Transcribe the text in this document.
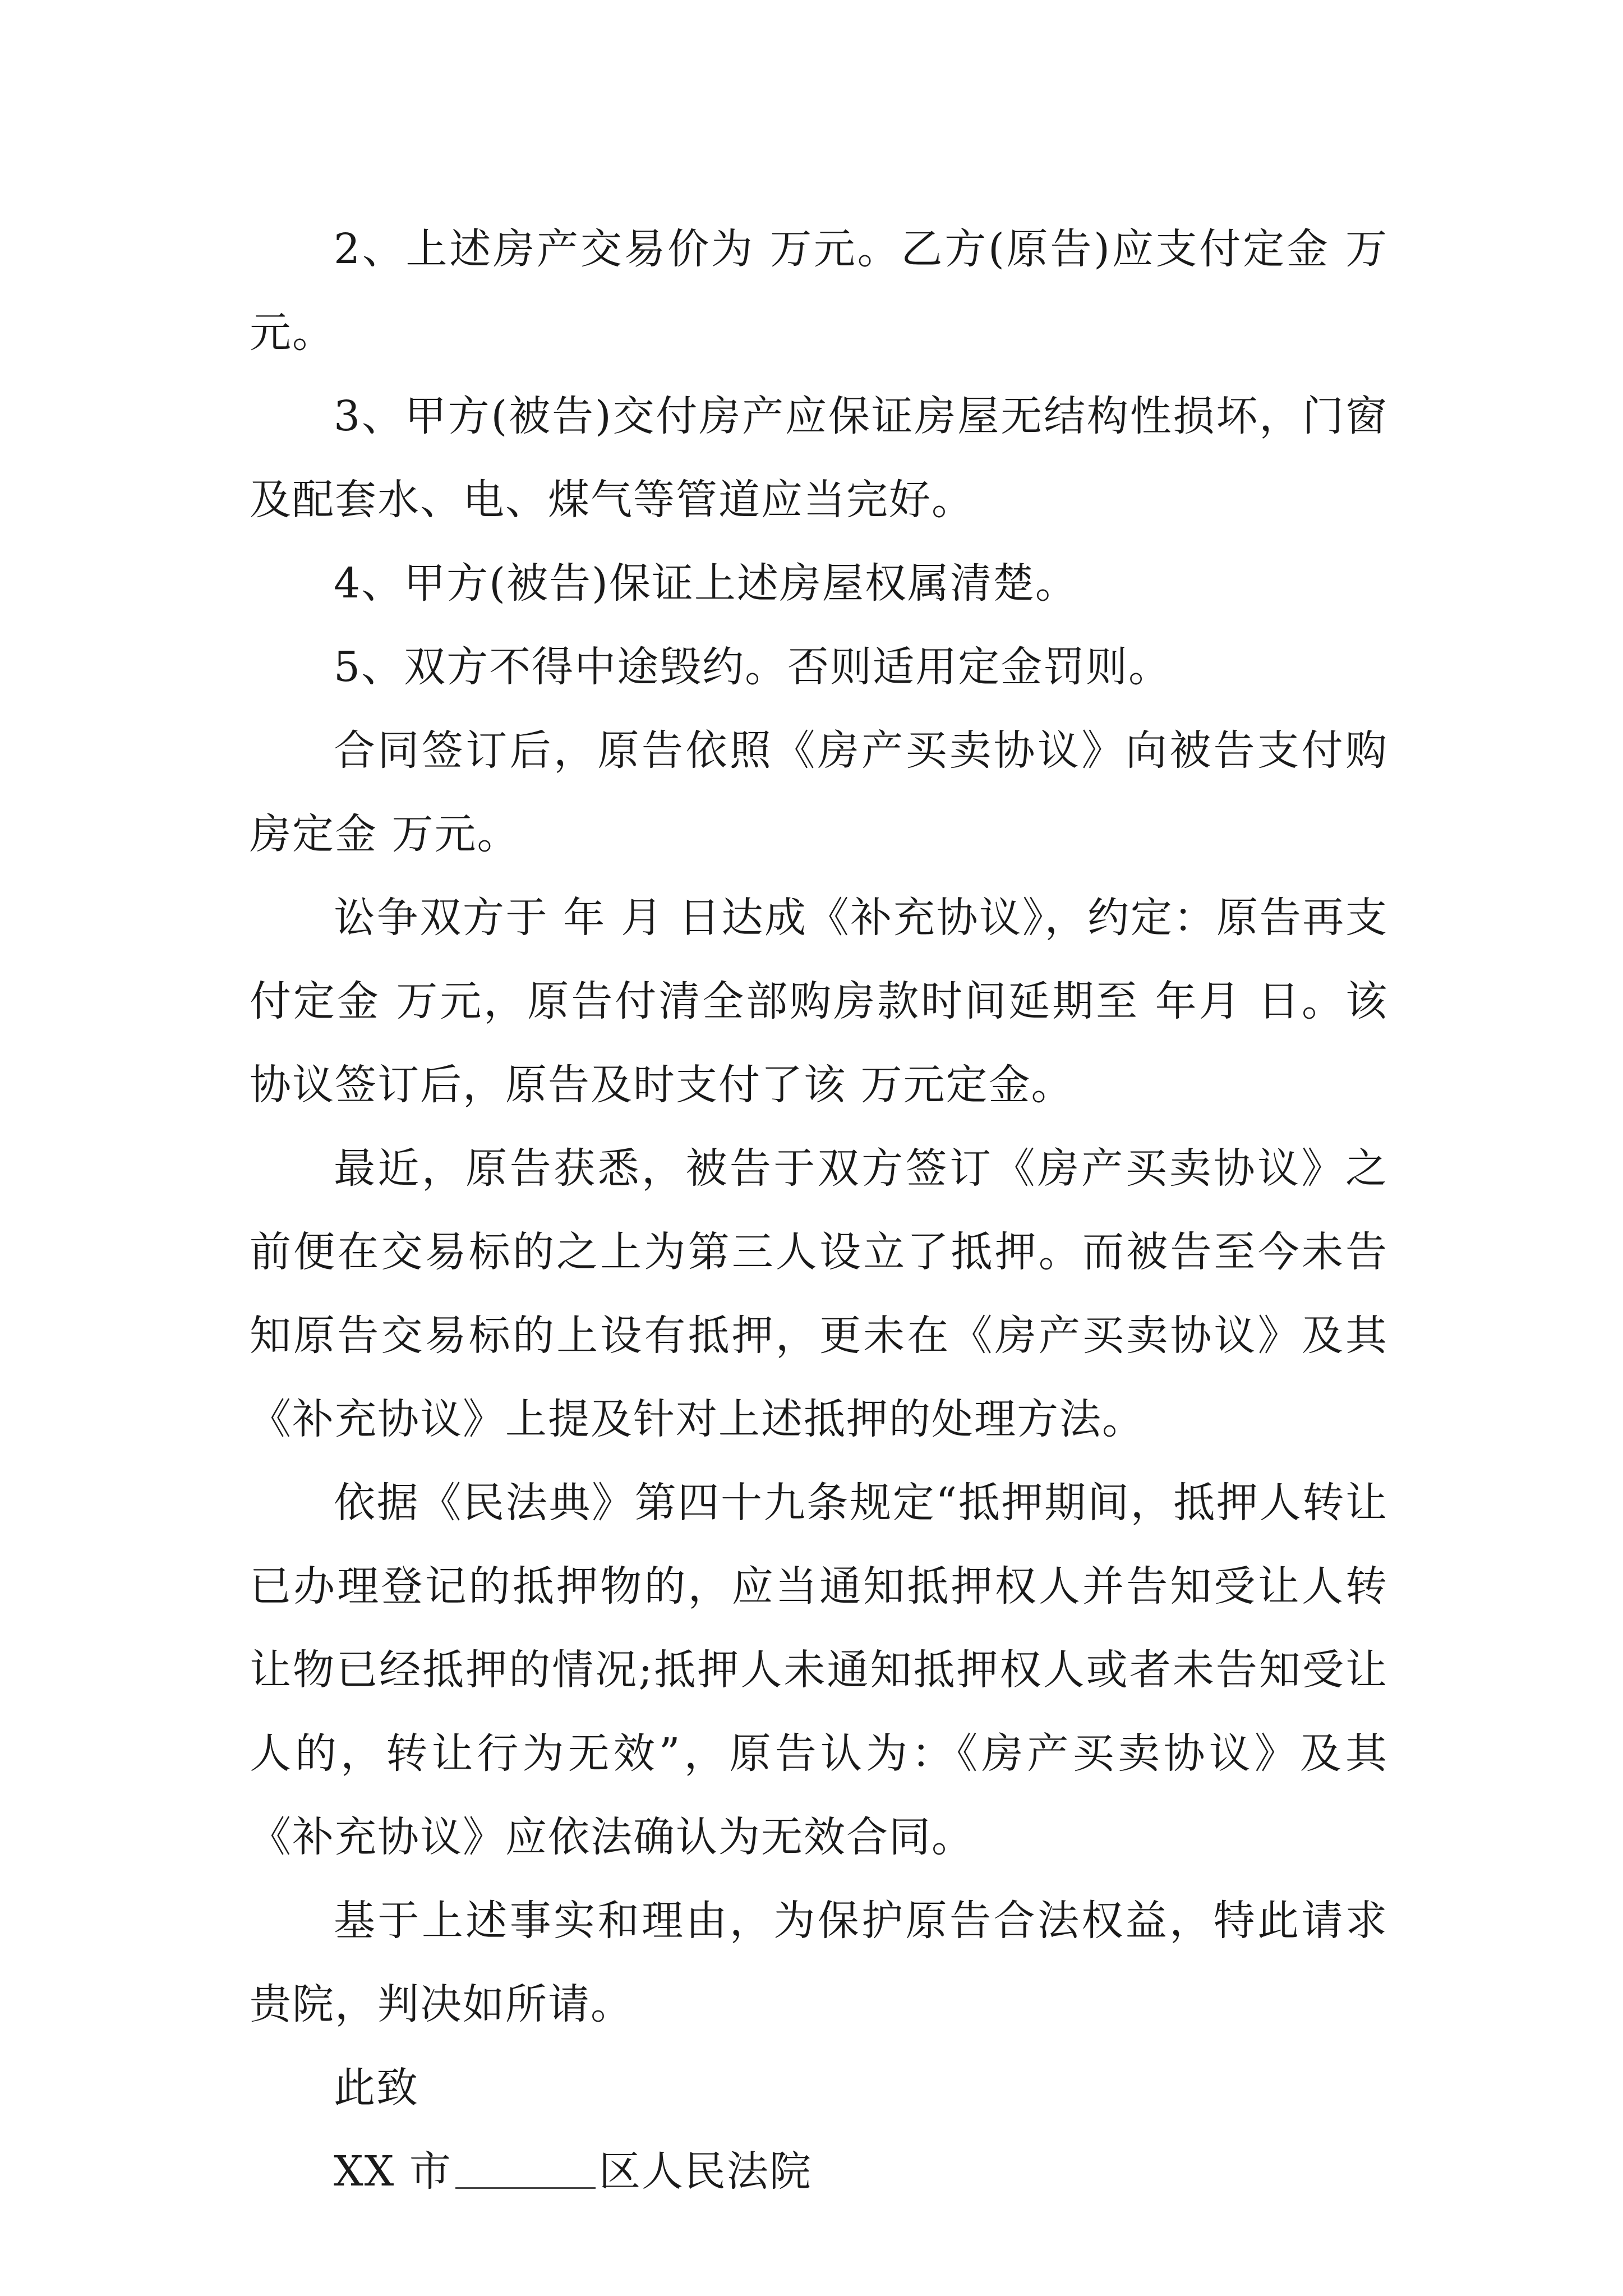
2、上述房产交易价为 万元。乙方(原告)应支付定金 万元。

3、甲方(被告)交付房产应保证房屋无结构性损坏，门窗及配套水、电、煤气等管道应当完好。

4、甲方(被告)保证上述房屋权属清楚。

5、双方不得中途毁约。否则适用定金罚则。

合同签订后，原告依照《房产买卖协议》向被告支付购房定金 万元。

讼争双方于 年 月 日达成《补充协议》，约定：原告再支付定金 万元，原告付清全部购房款时间延期至 年月 日。该协议签订后，原告及时支付了该 万元定金。

最近，原告获悉，被告于双方签订《房产买卖协议》之前便在交易标的之上为第三人设立了抵押。而被告至今未告知原告交易标的上设有抵押，更未在《房产买卖协议》及其《补充协议》上提及针对上述抵押的处理方法。

依据《民法典》第四十九条规定“抵押期间，抵押人转让已办理登记的抵押物的，应当通知抵押权人并告知受让人转让物已经抵押的情况;抵押人未通知抵押权人或者未告知受让人的，转让行为无效”，原告认为：《房产买卖协议》及其《补充协议》应依法确认为无效合同。

基于上述事实和理由，为保护原告合法权益，特此请求贵院，判决如所请。

此致

XX 市	区人民法院
